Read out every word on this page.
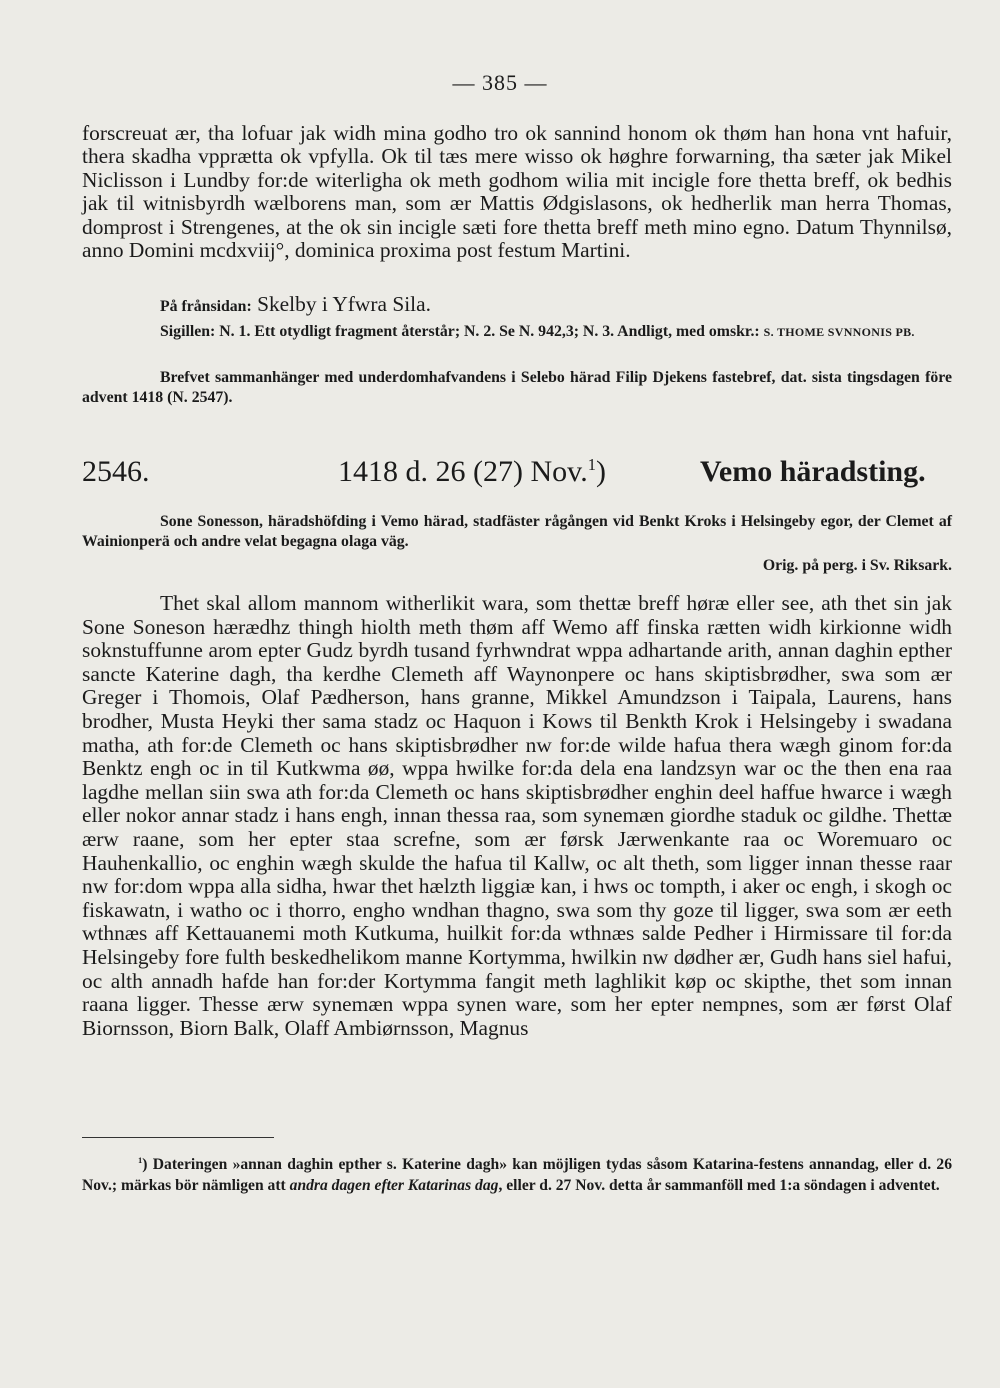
— 385 —
forscreuat ær, tha lofuar jak widh mina godho tro ok sannind honom ok thøm han hona vnt hafuir, thera skadha vpprætta ok vpfylla. Ok til tæs mere wisso ok høghre forwarning, tha sæter jak Mikel Niclisson i Lundby for:de witerligha ok meth godhom wilia mit incigle fore thetta breff, ok bedhis jak til witnisbyrdh wælborens man, som ær Mattis Ødgislasons, ok hedherlik man herra Thomas, domprost i Strengenes, at the ok sin incigle sæti fore thetta breff meth mino egno. Datum Thynnilsø, anno Domini mcdxviij°, dominica proxima post festum Martini.
På frånsidan: Skelby i Yfwra Sila.
Sigillen: N. 1. Ett otydligt fragment återstår; N. 2. Se N. 942,3; N. 3. Andligt, med omskr.: S. THOME SVNNONIS PB.
Brefvet sammanhänger med underdomhafvandens i Selebo härad Filip Djekens fastebref, dat. sista tingsdagen före advent 1418 (N. 2547).
2546.	1418 d. 26 (27) Nov.$^1$)	Vemo häradsting.
Sone Sonesson, häradshöfding i Vemo härad, stadfäster rågången vid Benkt Kroks i Helsingeby egor, der Clemet af Wainionperä och andre velat begagna olaga väg.
Orig. på perg. i Sv. Riksark.
Thet skal allom mannom witherlikit wara, som thettæ breff høræ eller see, ath thet sin jak Sone Soneson hærædhz thingh hiolth meth thøm aff Wemo aff finska rætten widh kirkionne widh soknstuffunne arom epter Gudz byrdh tusand fyrhwndrat wppa adhartande arith, annan daghin epther sancte Katerine dagh, tha kerdhe Clemeth aff Waynonpere oc hans skiptisbrødher, swa som ær Greger i Thomois, Olaf Pædherson, hans granne, Mikkel Amundzson i Taipala, Laurens, hans brodher, Musta Heyki ther sama stadz oc Haquon i Kows til Benkth Krok i Helsingeby i swadana matha, ath for:de Clemeth oc hans skiptisbrødher nw for:de wilde hafua thera wægh ginom for:da Benktz engh oc in til Kutkwma øø, wppa hwilke for:da dela ena landzsyn war oc the then ena raa lagdhe mellan siin swa ath for:da Clemeth oc hans skiptisbrødher enghin deel haffue hwarce i wægh eller nokor annar stadz i hans engh, innan thessa raa, som synemæn giordhe staduk oc gildhe. Thettæ ærw raane, som her epter staa screfne, som ær førsk Jærwenkante raa oc Woremuaro oc Hauhenkallio, oc enghin wægh skulde the hafua til Kallw, oc alt theth, som ligger innan thesse raar nw for:dom wppa alla sidha, hwar thet hælzth liggiæ kan, i hws oc tompth, i aker oc engh, i skogh oc fiskawatn, i watho oc i thorro, engho wndhan thagno, swa som thy goze til ligger, swa som ær eeth wthnæs aff Kettauanemi moth Kutkuma, huilkit for:da wthnæs salde Pedher i Hirmissare til for:da Helsingeby fore fulth beskedhelikom manne Kortymma, hwilkin nw dødher ær, Gudh hans siel hafui, oc alth annadh hafde han for:der Kortymma fangit meth laghlikit køp oc skipthe, thet som innan raana ligger. Thesse ærw synemæn wppa synen ware, som her epter nempnes, som ær først Olaf Biornsson, Biorn Balk, Olaff Ambiørnsson, Magnus
$^1$) Dateringen »annan daghin epther s. Katerine dagh» kan möjligen tydas såsom Katarina-festens annandag, eller d. 26 Nov.; märkas bör nämligen att andra dagen efter Katarinas dag, eller d. 27 Nov. detta år sammanföll med 1:a söndagen i adventet.
